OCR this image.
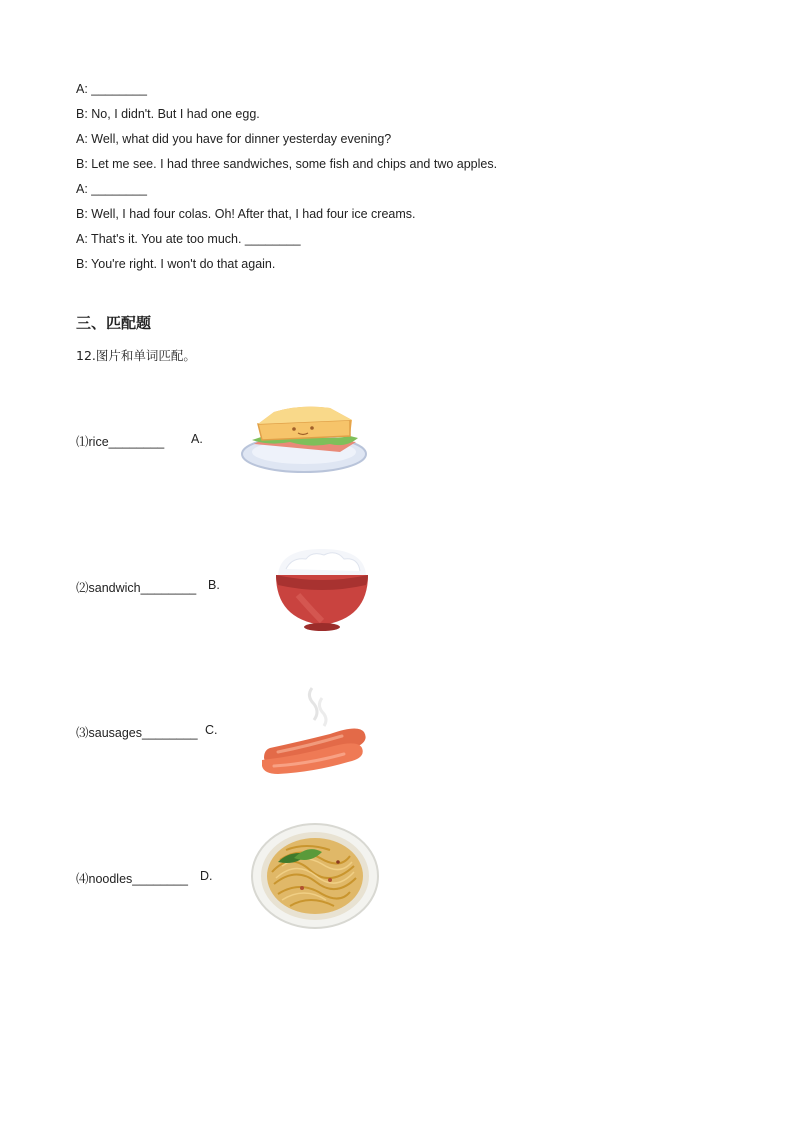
A: ________
B: No, I didn't. But I had one egg.
A: Well, what did you have for dinner yesterday evening?
B: Let me see. I had three sandwiches, some fish and chips and two apples.
A: ________
B: Well, I had four colas. Oh! After that, I had four ice creams.
A: That's it. You ate too much. ________
B: You're right. I won't do that again.
三、匹配题
12.图片和单词匹配。
⑴rice________ A.
⑵sandwich________ B.
⑶sausages________ C.
⑷noodles________ D.
